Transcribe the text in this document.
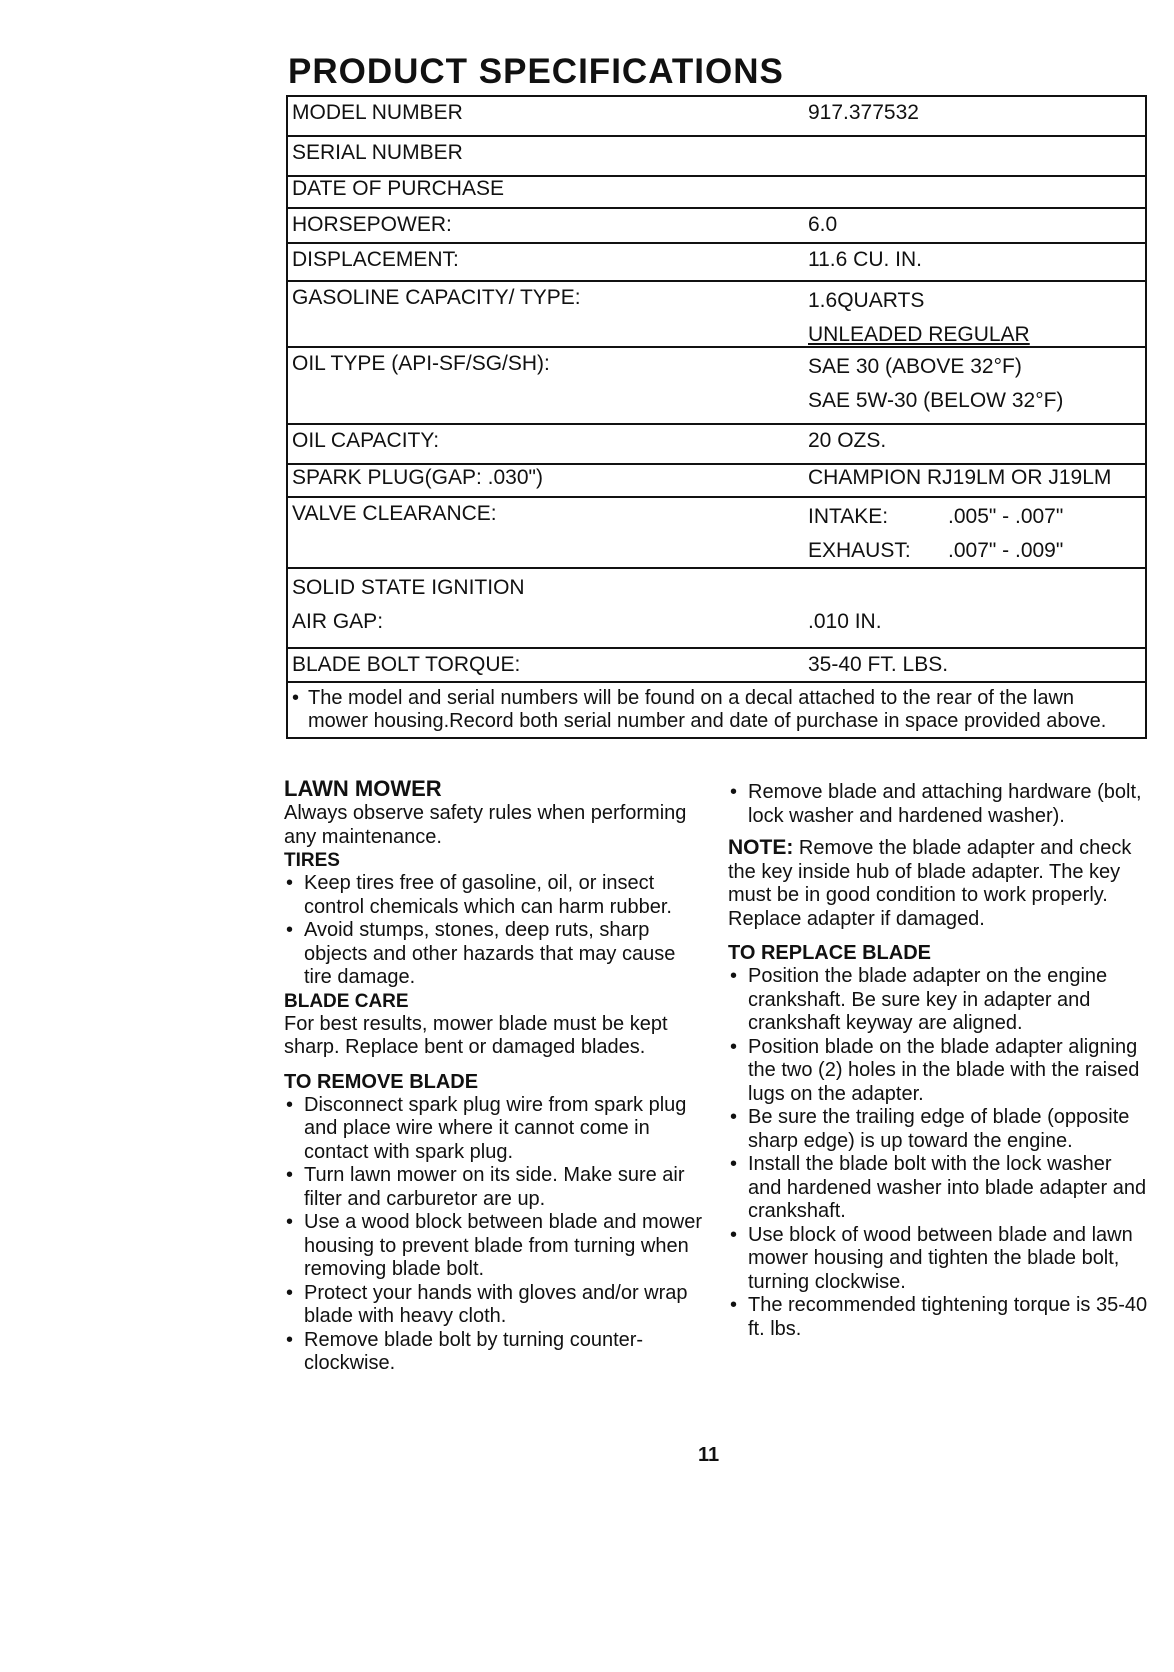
PRODUCT SPECIFICATIONS
MODEL NUMBER	917.377532
SERIAL NUMBER
DATE OF PURCHASE
HORSEPOWER:	6.0
DISPLACEMENT:	11.6 CU. IN.
GASOLINE CAPACITY/ TYPE:	1.6QUARTS
UNLEADED REGULAR
OIL TYPE (API-SF/SG/SH):	SAE 30 (ABOVE 32°F)
SAE 5W-30 (BELOW 32°F)
OIL CAPACITY:	20 OZS.
SPARK PLUG(GAP: .030")	CHAMPION RJ19LM OR J19LM
VALVE CLEARANCE:	INTAKE:	.005" - .007"
EXHAUST: .007" - .009"
SOLID STATE IGNITION
AIR GAP:	.010 IN.
BLADE BOLT TORQUE:	35-40 FT. LBS.
• The model and serial numbers will be found on a decal attached to the rear of the lawn mower housing.Record both serial number and date of purchase in space provided above.
LAWN MOWER

Always observe safety rules when performing any maintenance.

TIRES
• Keep tires free of gasoline, oil, or insect control chemicals which can harm rubber.
• Avoid stumps, stones, deep ruts, sharp objects and other hazards that may cause tire damage.
BLADE CARE

For best results, mower blade must be kept sharp. Replace bent or damaged blades.

TO REMOVE BLADE
• Disconnect spark plug wire from spark plug and place wire where it cannot come in contact with spark plug.
• Turn lawn mower on its side. Make sure air filter and carburetor are up.
• Use a wood block between blade and mower housing to prevent blade from turning when removing blade bolt.
• Protect your hands with gloves and/or wrap blade with heavy cloth.
• Remove blade bolt by turning counter-clockwise.
11
• Remove blade and attaching hardware (bolt, lock washer and hardened washer).

NOTE: Remove the blade adapter and check the key inside hub of blade adapter. The key must be in good condition to work properly. Replace adapter if damaged.

TO REPLACE BLADE
• Position the blade adapter on the engine crankshaft. Be sure key in adapter and crankshaft keyway are aligned.
• Position blade on the blade adapter aligning the two (2) holes in the blade with the raised lugs on the adapter.
• Be sure the trailing edge of blade (opposite sharp edge) is up toward the engine.
• Install the blade bolt with the lock washer and hardened washer into blade adapter and crankshaft.
• Use block of wood between blade and lawn mower housing and tighten the blade bolt, turning clockwise.
• The recommended tightening torque is 35-40 ft. lbs.
